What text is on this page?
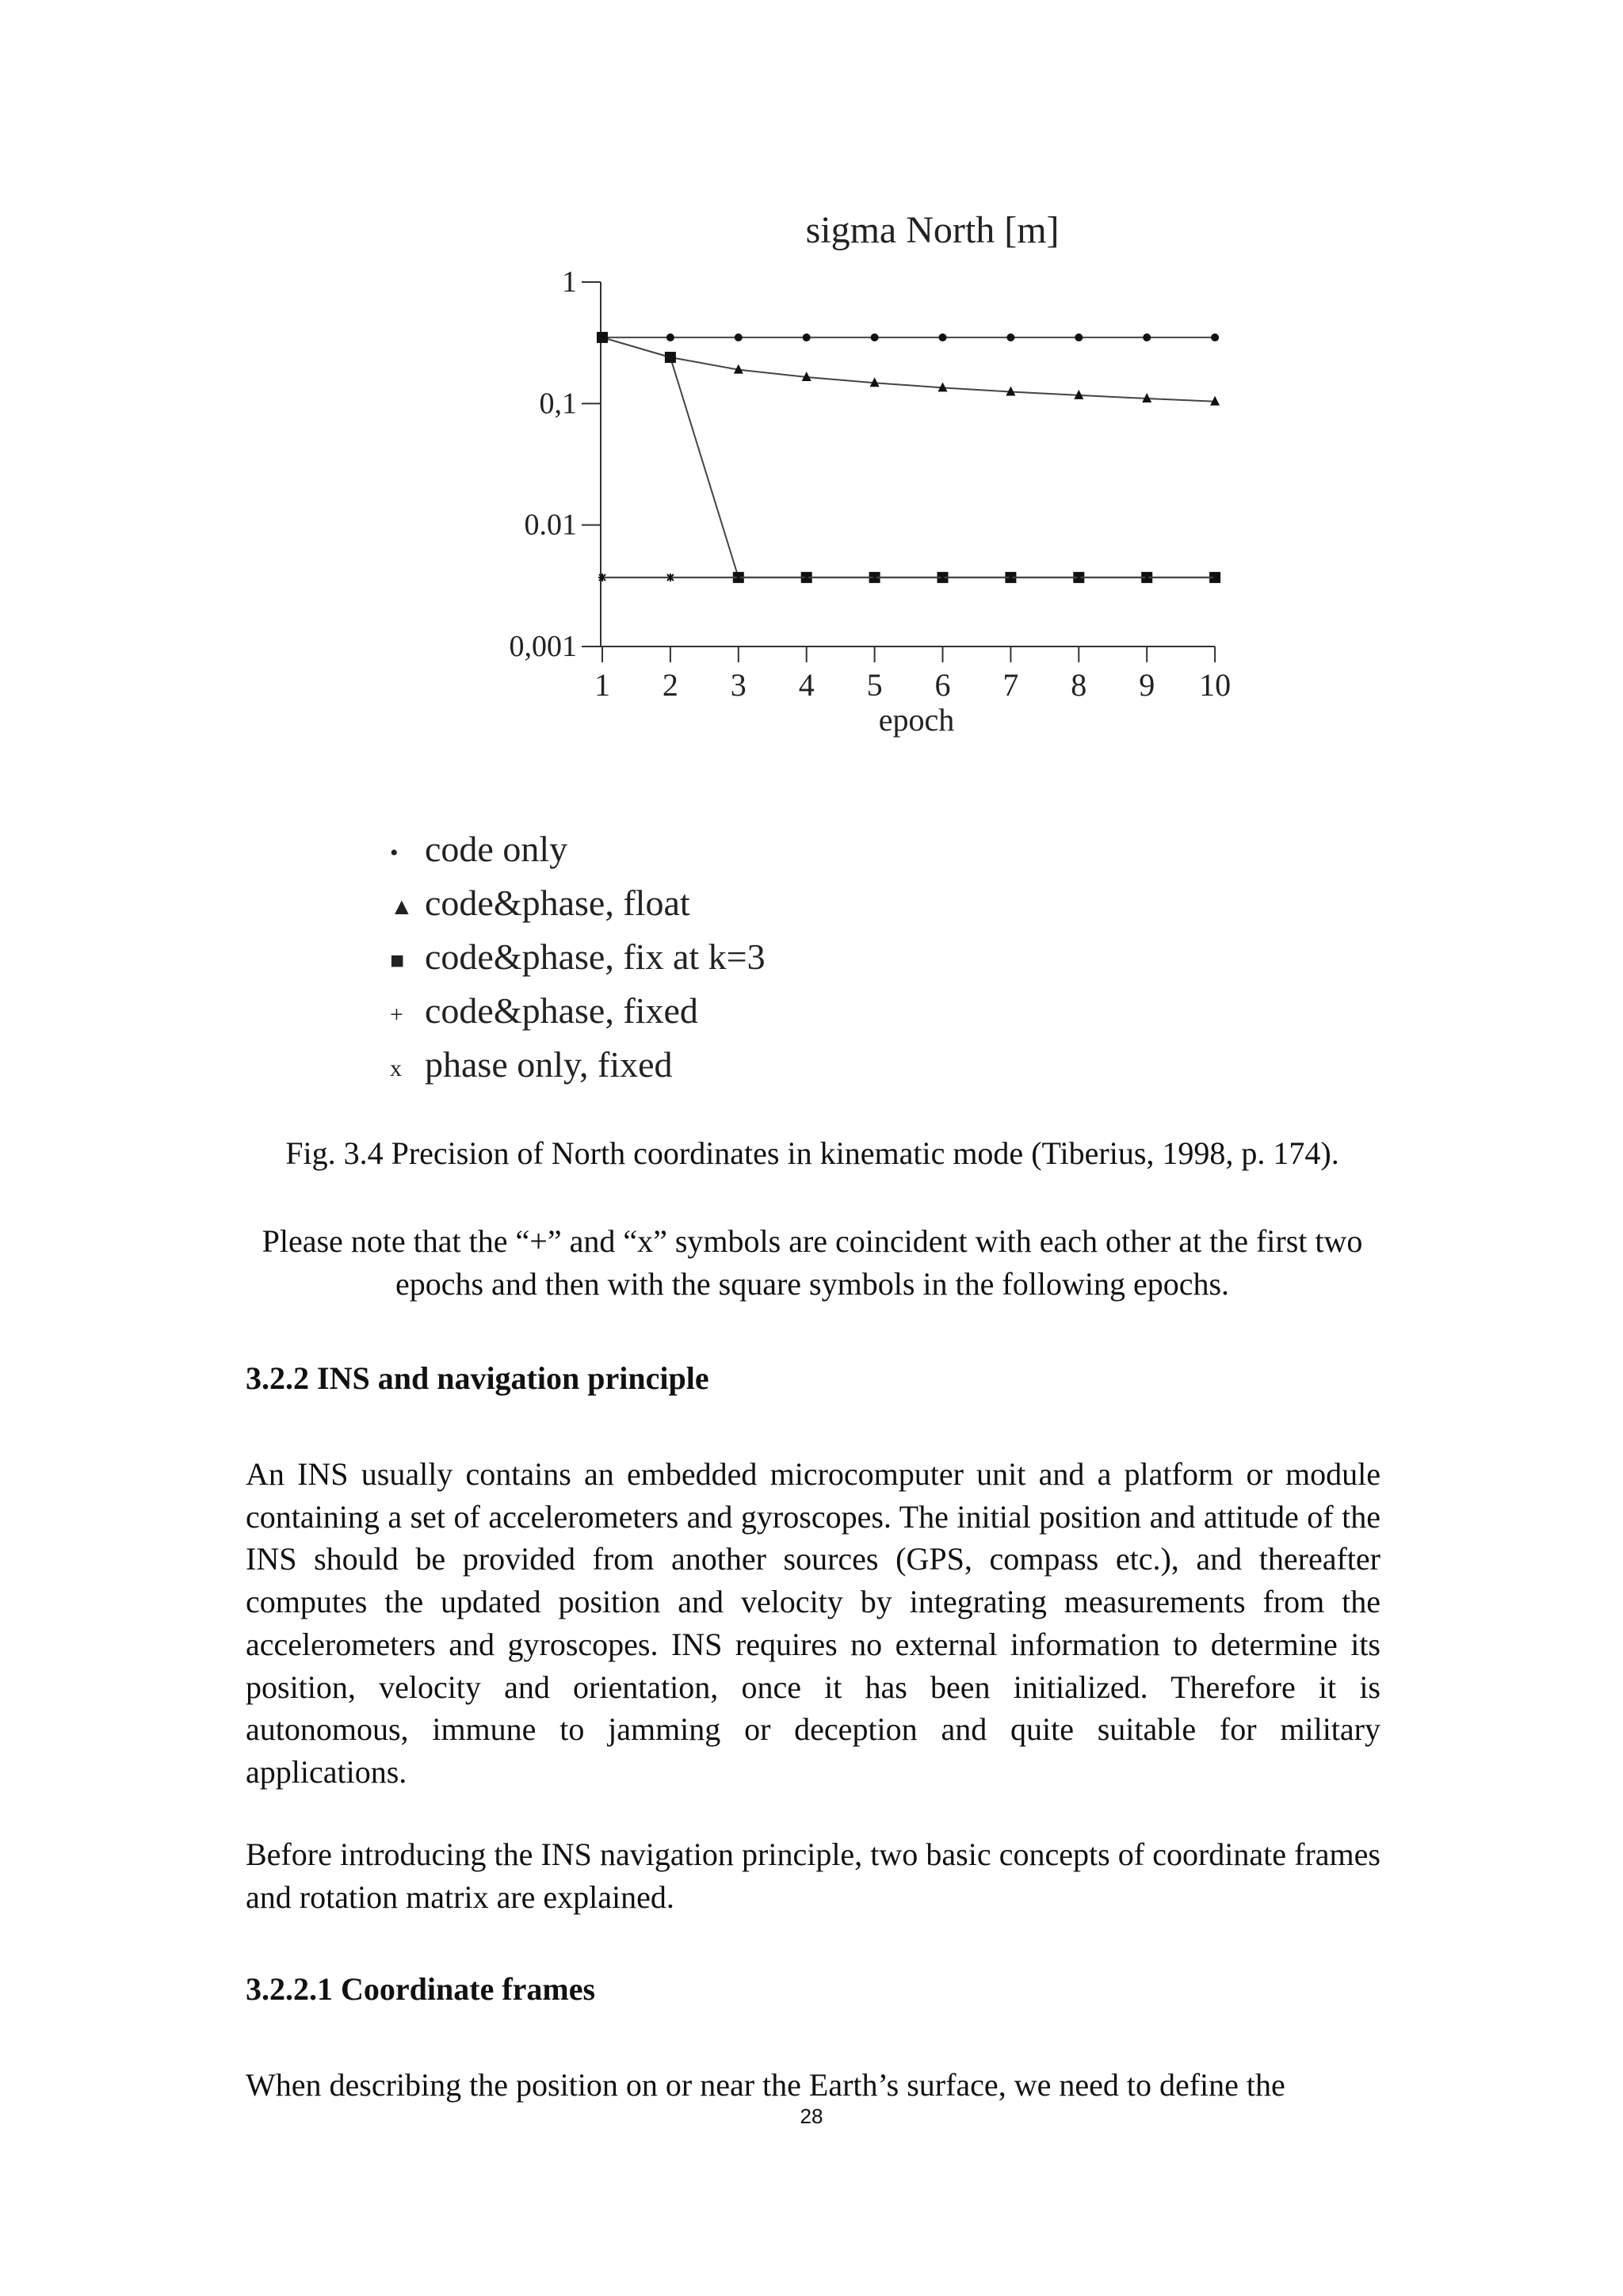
sigma North [m]
1
0,1
0.01
0,001
1 2 3 4 5 6 7 8 9 10
epoch
• code only
▲ code&phase, float
■ code&phase, fix at k=3
+ code&phase, fixed
x phase only, fixed
Fig. 3.4 Precision of North coordinates in kinematic mode (Tiberius, 1998, p. 174).
Please note that the “+” and “x” symbols are coincident with each other at the first two epochs and then with the square symbols in the following epochs.
3.2.2 INS and navigation principle
An INS usually contains an embedded microcomputer unit and a platform or module containing a set of accelerometers and gyroscopes. The initial position and attitude of the INS should be provided from another sources (GPS, compass etc.), and thereafter computes the updated position and velocity by integrating measurements from the accelerometers and gyroscopes. INS requires no external information to determine its position, velocity and orientation, once it has been initialized. Therefore it is autonomous, immune to jamming or deception and quite suitable for military applications.
Before introducing the INS navigation principle, two basic concepts of coordinate frames and rotation matrix are explained.
3.2.2.1 Coordinate frames
When describing the position on or near the Earth’s surface, we need to define the
28
